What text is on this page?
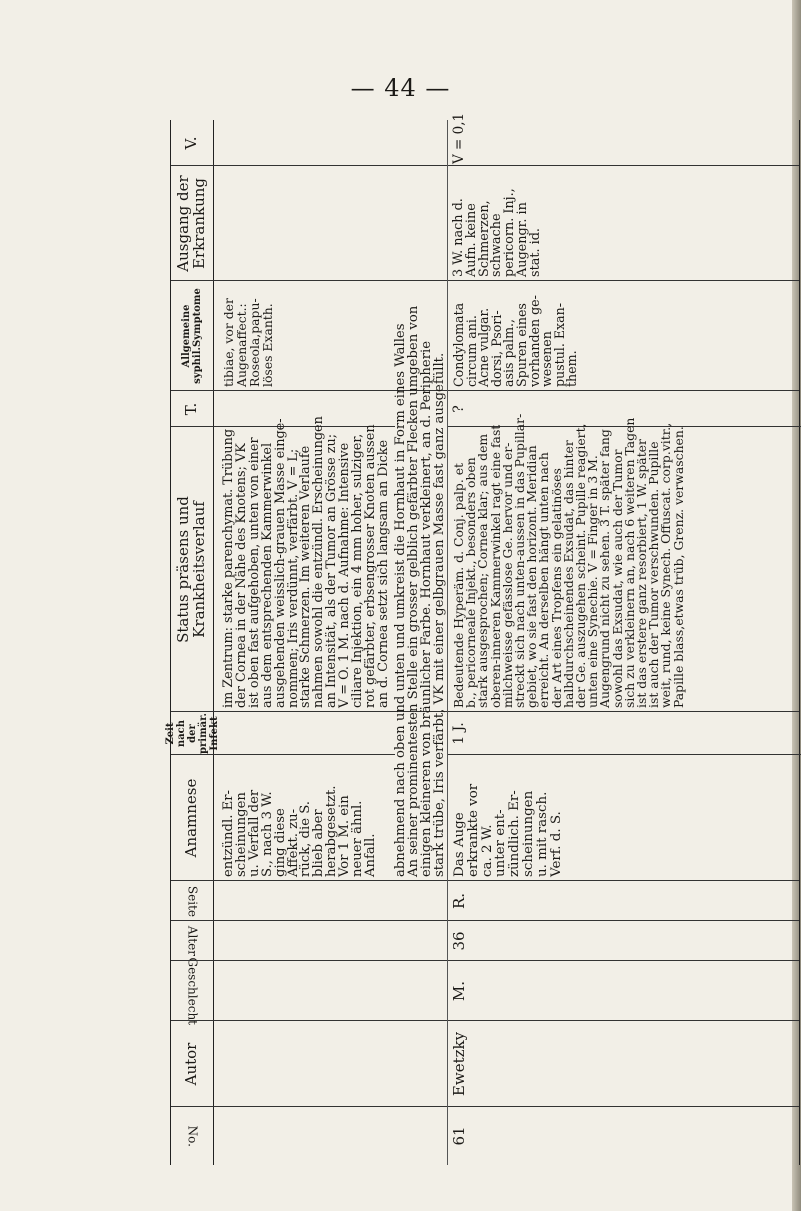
— 44 —
No.
Autor
Geschlecht
Alter
Seite
Anamnese
Zeit nach der primär. Infekt
Status präsens und Krankheitsverlauf
T.
Allgemeine syphil.Symptome
Ausgang der
Erkrankung
V.
entzündl. Er-
scheinungen
u. Verfall der
S., nach 3 W.
ging diese
Affekt. zu-
rück, die S.
blieb aber
herabgesetzt.
Vor 1 M. ein
neuer ähnl.
Anfall.
im Zentrum: starke parenchymat. Trübung
der Cornea in der Nähe des Knotens; VK
ist oben fast aufgehoben, unten von einer
aus dem entsprechenden Kammerwinkel
ausgehenden weisslich-grauen Masse einge-
nommen; Iris verdünnt, verfärbt. V = L;
starke Schmerzen. Im weiteren Verlaufe
nahmen sowohl die entzündl. Erscheinungen
an Intensität, als der Tumor an Grösse zu;
V = O. 1 M. nach d. Aufnahme: Intensive
ciliare Injektion, ein 4 mm hoher, sulziger,
rot gefärbter, erbsengrosser Knoten aussen
an d. Cornea setzt sich langsam an Dicke
tibiae, vor der
Augenaffect.:
Roseola,papu-
löses Exanth.	abnehmend nach oben und unten und umkreist die Hornhaut in Form eines Walles
An seiner prominentesten Stelle ein grosser gelblich gefärbter Flecken umgeben von
einigen kleineren von bräunlicher Farbe. Hornhaut verkleinert, an d. Peripherie
stark trübe, Iris verfärbt, VK mit einer gelbgrauen Masse fast ganz ausgefüllt.
61
Ewetzky
M.
36
R.
Das Auge
erkrankte vor
ca. 2 W.
unter ent-
zündlich. Er-
scheinungen
u. mit rasch.
Verf. d. S.
1 J.
Bedeutende Hyperäm. d. Conj. palp. et
b., pericorneale Injekt., besonders oben
stark ausgesprochen; Cornea klar; aus dem
oberen-inneren Kammerwinkel ragt eine fast
milchweisse gefässlose Ge. hervor und er-
streckt sich nach unten-aussen in das Pupillar-
gebiet, wo sie fast den horizont. Meridian
erreicht. An derselben hängt unten nach
der Art eines Tropfens ein gelatinöses
halbdurchscheinendes Exsudat, das hinter
der Ge. auszugehen scheint. Pupille reagiert,
unten eine Synechie. V = Finger in 3 M.
Augengrund nicht zu sehen. 3 T. später fang
sowohl das Exsudat, wie auch der Tumor
sich zu verkleinern an, nach 6 weiteren Tagen
ist das erstere ganz resorbiert, 1 W. später
ist auch der Tumor verschwunden. Pupille
weit, rund, keine Synech. Offuscat. corp.vitr.,
Papille blass,etwas trüb, Grenz. verwaschen.
?
Condylomata
circum ani.
Acne vulgar.
dorsi, Psori-
asis palm.,
Spuren eines
vorhanden ge-
wesenen
pustul. Exan-
them.
3 W. nach d.
Aufn. keine
Schmerzen,
schwache
pericorn. Inj.,
Augengr. in
stat. id.
V = 0,1
